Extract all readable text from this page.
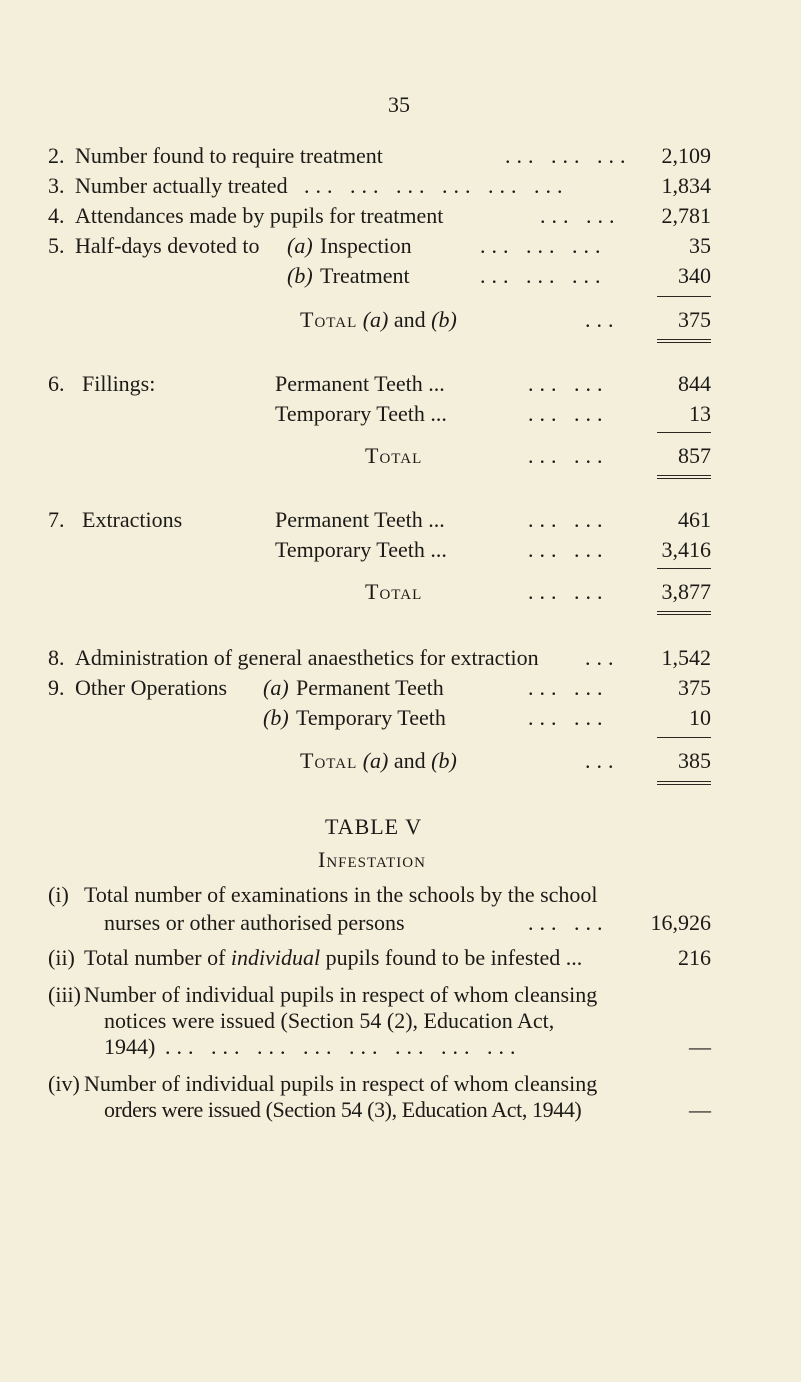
35
2. Number found to require treatment	... ... ... 2,109
3. Number actually treated ... ... ... ... ... ...	1,834
4. Attendances made by pupils for treatment	... ... 2,781
5. Half-days devoted to (a) Inspection	... ... ...	35
(b) Treatment	... ... ...	340
Total (a) and (b)	...	375
6. Fillings:	Permanent Teeth ...	... ...	844
Temporary Teeth ...	... ...	13
Total	... ...	857
7. Extractions	Permanent Teeth ...	... ...	461
Temporary Teeth ...	... ... 3,416
Total	... ... 3,877
8. Administration of general anaesthetics for extraction ... 1,542
9. Other Operations (a) Permanent Teeth	... ...	375
(b) Temporary Teeth	... ...	10
Total (a) and (b)	...	385
TABLE V
Infestation
(i) Total number of examinations in the schools by the school
nurses or other authorised persons	... ... 16,926
(ii) Total number of individual pupils found to be infested ...	216
(iii) Number of individual pupils in respect of whom cleansing
notices were issued (Section 54 (2), Education Act,
1944) ... ... ... ... ... ... ... ...	—
(iv) Number of individual pupils in respect of whom cleansing
orders were issued (Section 54 (3), Education Act, 1944)	—
